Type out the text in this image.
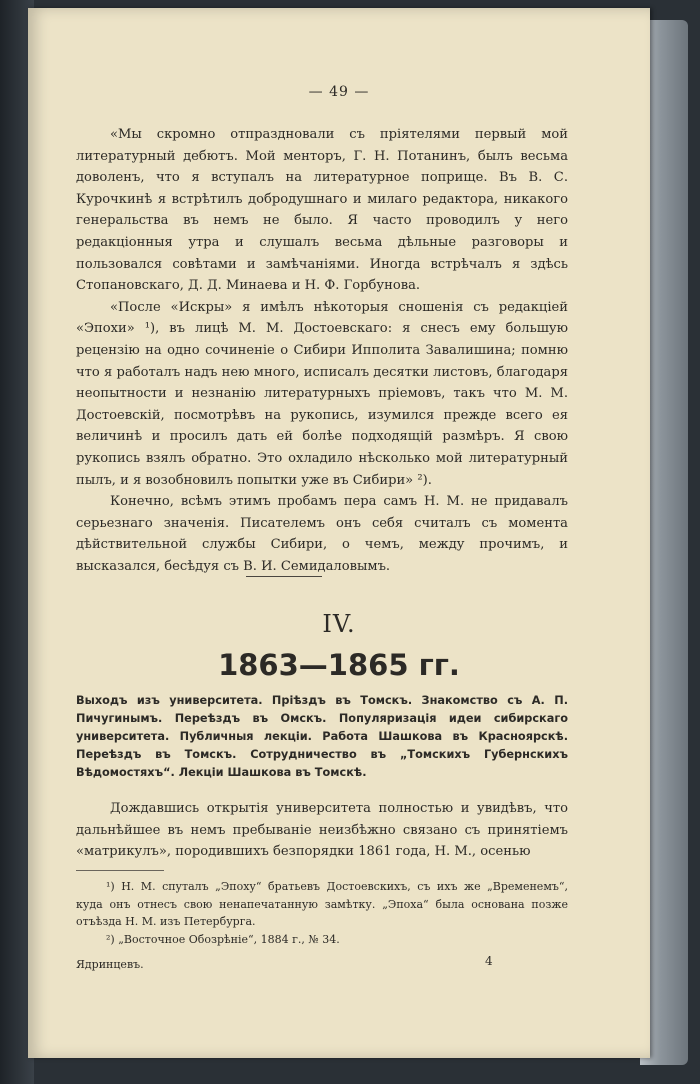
— 49 —

«Мы скромно отпраздновали съ пріятелями первый мой литературный дебютъ. Мой менторъ, Г. Н. Потанинъ, былъ весьма доволенъ, что я вступалъ на литературное поприще. Въ В. С. Курочкинѣ я встрѣтилъ добродушнаго и милаго редактора, никакого генеральства въ немъ не было. Я часто проводилъ у него редакціонныя утра и слушалъ весьма дѣльные разговоры и пользовался совѣтами и замѣчаніями. Иногда встрѣчалъ я здѣсь Стопановскаго, Д. Д. Минаева и Н. Ф. Горбунова.

«После «Искры» я имѣлъ нѣкоторыя сношенія съ редакціей «Эпохи» ¹), въ лицѣ М. М. Достоевскаго: я снесъ ему большую рецензію на одно сочиненіе о Сибири Ипполита Завалишина; помню что я работалъ надъ нею много, исписалъ десятки листовъ, благодаря неопытности и незнанію литературныхъ пріемовъ, такъ что М. М. Достоевскій, посмотрѣвъ на рукопись, изумился прежде всего ея величинѣ и просилъ дать ей болѣе подходящій размѣръ. Я свою рукопись взялъ обратно. Это охладило нѣсколько мой литературный пылъ, и я возобновилъ попытки уже въ Сибири» ²).

Конечно, всѣмъ этимъ пробамъ пера самъ Н. М. не придавалъ серьезнаго значенія. Писателемъ онъ себя считалъ съ момента дѣйствительной службы Сибири, о чемъ, между прочимъ, и высказался, бесѣдуя съ В. И. Семидаловымъ.

IV.
1863—1865 гг.

Выходъ изъ университета. Пріѣздъ въ Томскъ. Знакомство съ А. П. Пичугинымъ. Переѣздъ въ Омскъ. Популяризація идеи сибирскаго университета. Публичныя лекціи. Работа Шашкова въ Красноярскѣ. Переѣздъ въ Томскъ. Сотрудничество въ „Томскихъ Губернскихъ Вѣдомостяхъ“. Лекціи Шашкова въ Томскѣ.

Дождавшись открытія университета полностью и увидѣвъ, что дальнѣйшее въ немъ пребываніе неизбѣжно связано съ принятіемъ «матрикулъ», породившихъ безпорядки 1861 года, Н. М., осенью

¹) Н. М. спуталъ „Эпоху“ братьевъ Достоевскихъ, съ ихъ же „Временемъ“, куда онъ отнесъ свою ненапечатанную замѣтку. „Эпоха“ была основана позже отъѣзда Н. М. изъ Петербурга.

²) „Восточное Обозрѣніе“, 1884 г., № 34.

Ядринцевъ.	4
